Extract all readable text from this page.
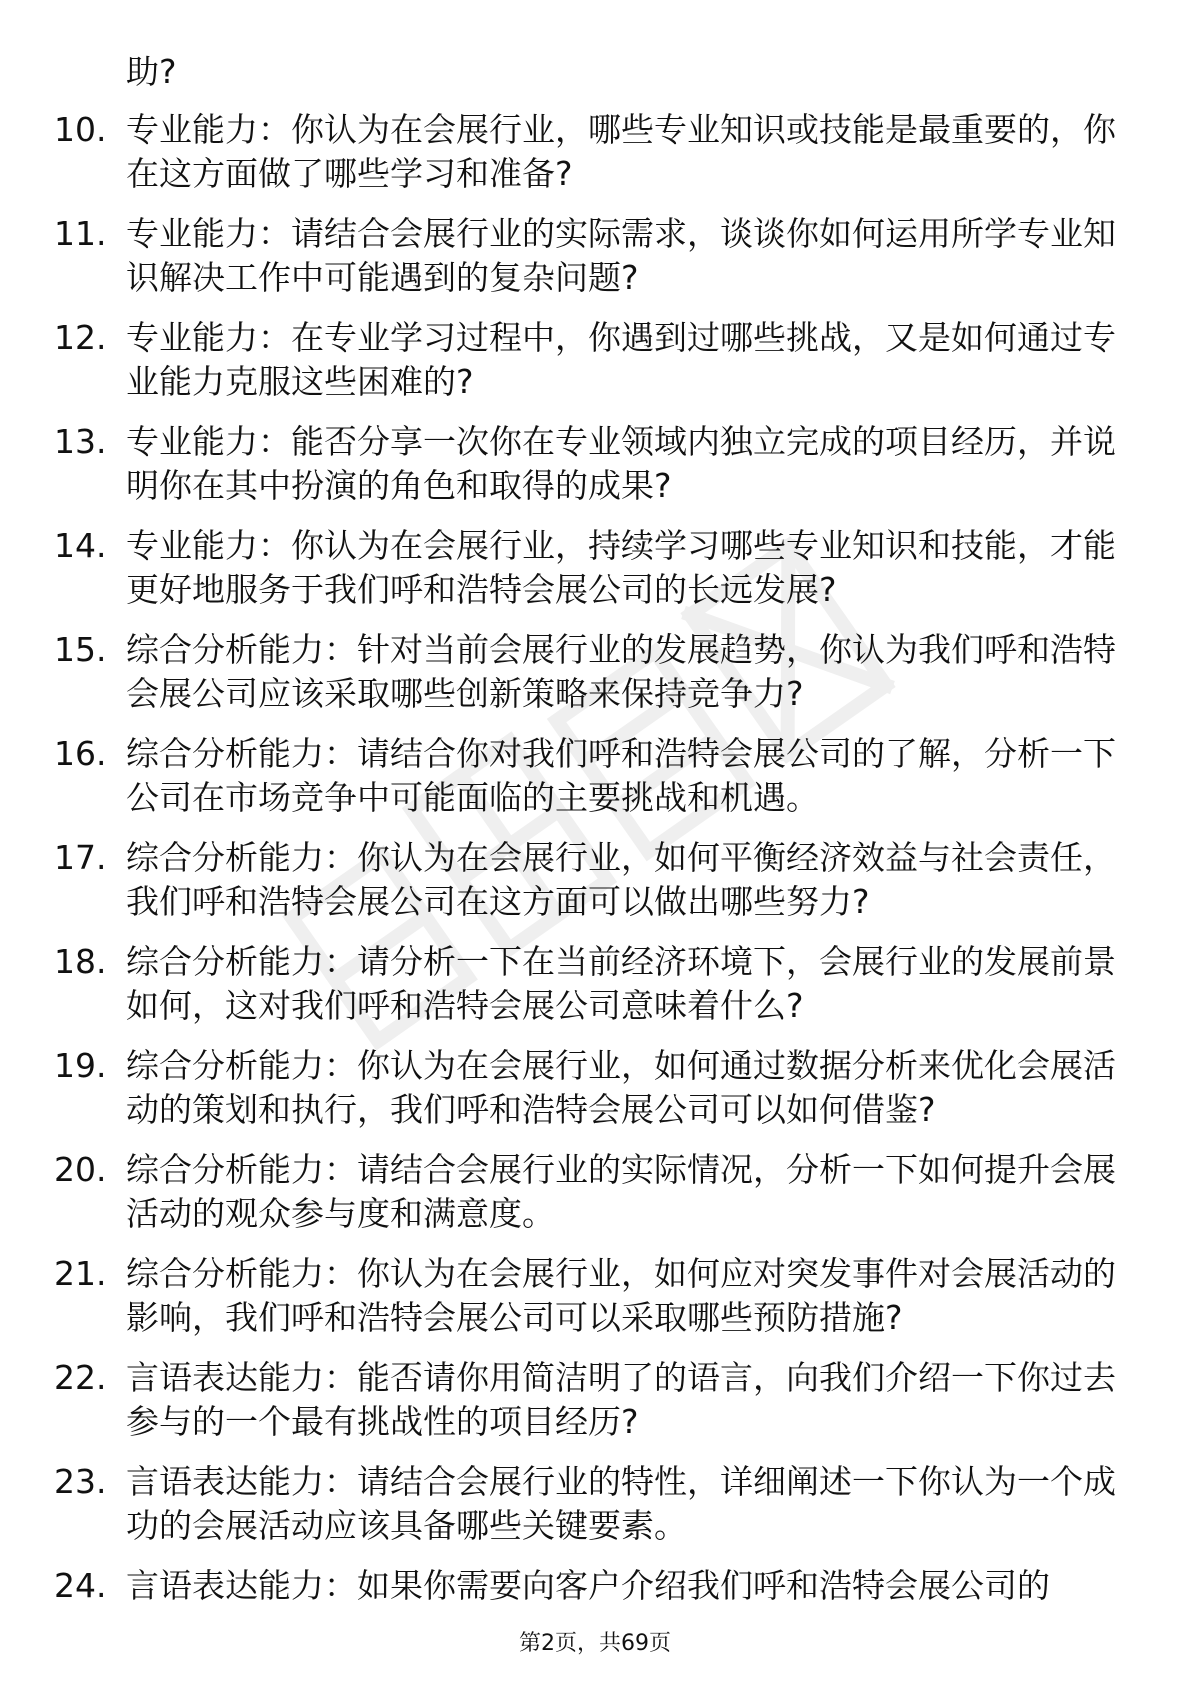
助?

10. 专业能力：你认为在会展行业，哪些专业知识或技能是最重要的，你在这方面做了哪些学习和准备?
11. 专业能力：请结合会展行业的实际需求，谈谈你如何运用所学专业知识解决工作中可能遇到的复杂问题?
12. 专业能力：在专业学习过程中，你遇到过哪些挑战，又是如何通过专业能力克服这些困难的?
13. 专业能力：能否分享一次你在专业领域内独立完成的项目经历，并说明你在其中扮演的角色和取得的成果?
14. 专业能力：你认为在会展行业，持续学习哪些专业知识和技能，才能更好地服务于我们呼和浩特会展公司的长远发展?
15. 综合分析能力：针对当前会展行业的发展趋势，你认为我们呼和浩特会展公司应该采取哪些创新策略来保持竞争力?
16. 综合分析能力：请结合你对我们呼和浩特会展公司的了解，分析一下公司在市场竞争中可能面临的主要挑战和机遇。
17. 综合分析能力：你认为在会展行业，如何平衡经济效益与社会责任，我们呼和浩特会展公司在这方面可以做出哪些努力?
18. 综合分析能力：请分析一下在当前经济环境下，会展行业的发展前景如何，这对我们呼和浩特会展公司意味着什么?
19. 综合分析能力：你认为在会展行业，如何通过数据分析来优化会展活动的策划和执行，我们呼和浩特会展公司可以如何借鉴?
20. 综合分析能力：请结合会展行业的实际情况，分析一下如何提升会展活动的观众参与度和满意度。
21. 综合分析能力：你认为在会展行业，如何应对突发事件对会展活动的影响，我们呼和浩特会展公司可以采取哪些预防措施?
22. 言语表达能力：能否请你用简洁明了的语言，向我们介绍一下你过去参与的一个最有挑战性的项目经历?
23. 言语表达能力：请结合会展行业的特性，详细阐述一下你认为一个成功的会展活动应该具备哪些关键要素。
24. 言语表达能力：如果你需要向客户介绍我们呼和浩特会展公司的
第2页，共69页
